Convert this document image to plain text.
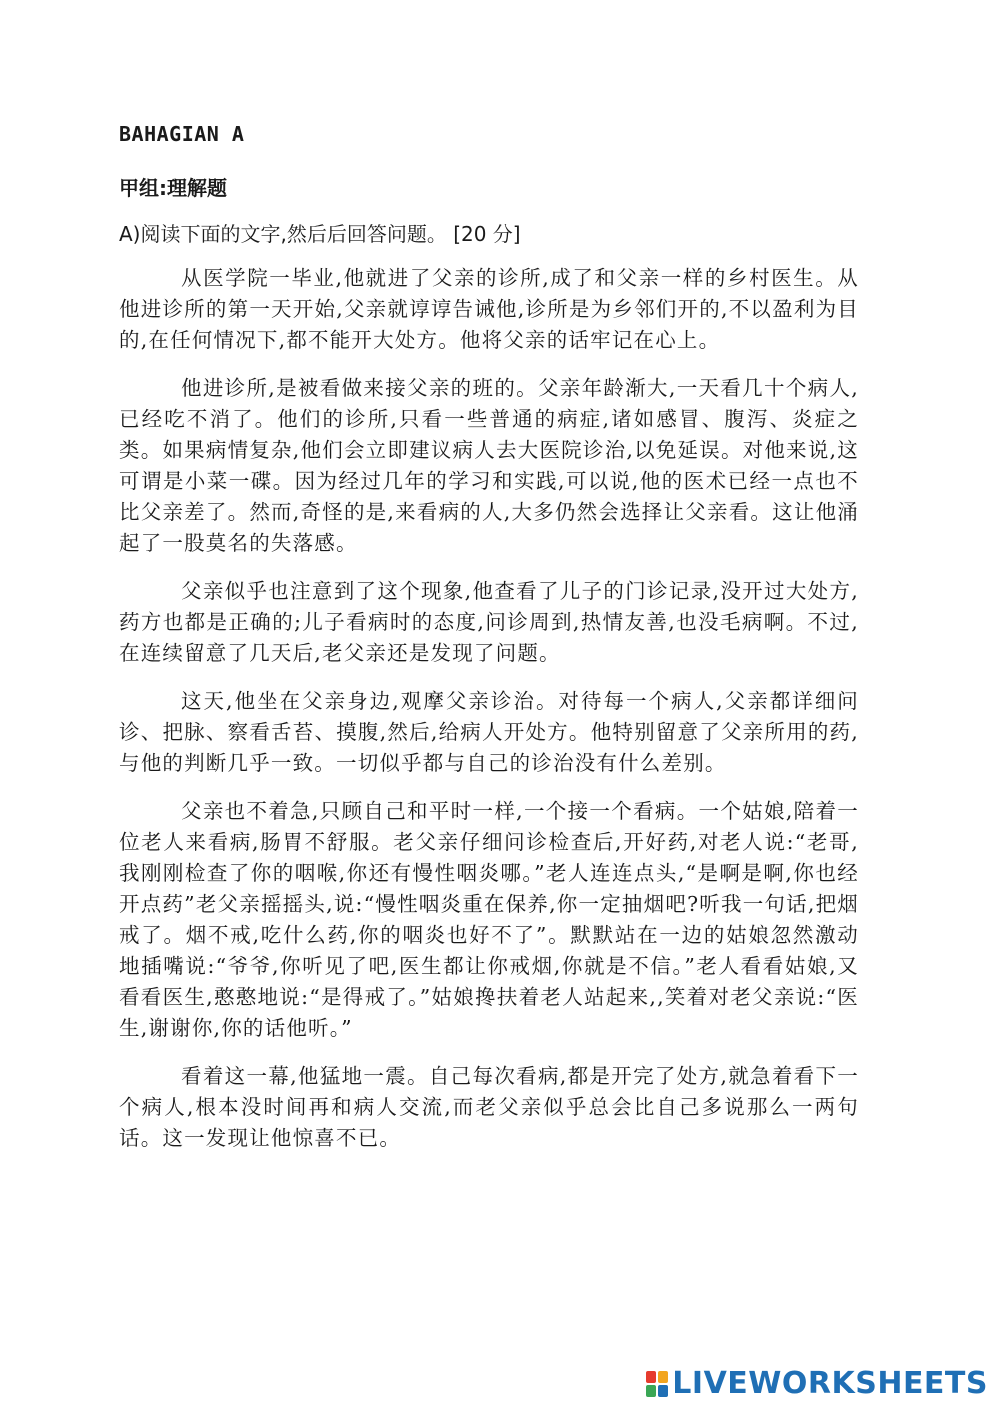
BAHAGIAN A
甲组:理解题
A)阅读下面的文字,然后后回答问题。 [20 分]

从医学院一毕业,他就进了父亲的诊所,成了和父亲一样的乡村医生。从他进诊所的第一天开始,父亲就谆谆告诫他,诊所是为乡邻们开的,不以盈利为目的,在任何情况下,都不能开大处方。他将父亲的话牢记在心上。

他进诊所,是被看做来接父亲的班的。父亲年龄渐大,一天看几十个病人,已经吃不消了。他们的诊所,只看一些普通的病症,诸如感冒、腹泻、炎症之类。如果病情复杂,他们会立即建议病人去大医院诊治,以免延误。对他来说,这可谓是小菜一碟。因为经过几年的学习和实践,可以说,他的医术已经一点也不比父亲差了。然而,奇怪的是,来看病的人,大多仍然会选择让父亲看。这让他涌起了一股莫名的失落感。

父亲似乎也注意到了这个现象,他查看了儿子的门诊记录,没开过大处方,药方也都是正确的;儿子看病时的态度,问诊周到,热情友善,也没毛病啊。不过,在连续留意了几天后,老父亲还是发现了问题。

这天,他坐在父亲身边,观摩父亲诊治。对待每一个病人,父亲都详细问诊、把脉、察看舌苔、摸腹,然后,给病人开处方。他特别留意了父亲所用的药,与他的判断几乎一致。一切似乎都与自己的诊治没有什么差别。

父亲也不着急,只顾自己和平时一样,一个接一个看病。一个姑娘,陪着一位老人来看病,肠胃不舒服。老父亲仔细问诊检查后,开好药,对老人说:“老哥,我刚刚检查了你的咽喉,你还有慢性咽炎哪。”老人连连点头,“是啊是啊,你也经开点药”老父亲摇摇头,说:“慢性咽炎重在保养,你一定抽烟吧?听我一句话,把烟戒了。烟不戒,吃什么药,你的咽炎也好不了”。默默站在一边的姑娘忽然激动地插嘴说:“爷爷,你听见了吧,医生都让你戒烟,你就是不信。”老人看看姑娘,又看看医生,憨憨地说:“是得戒了。”姑娘搀扶着老人站起来,,笑着对老父亲说:“医生,谢谢你,你的话他听。”

看着这一幕,他猛地一震。自己每次看病,都是开完了处方,就急着看下一个病人,根本没时间再和病人交流,而老父亲似乎总会比自己多说那么一两句话。这一发现让他惊喜不已。

LIVEWORKSHEETS
